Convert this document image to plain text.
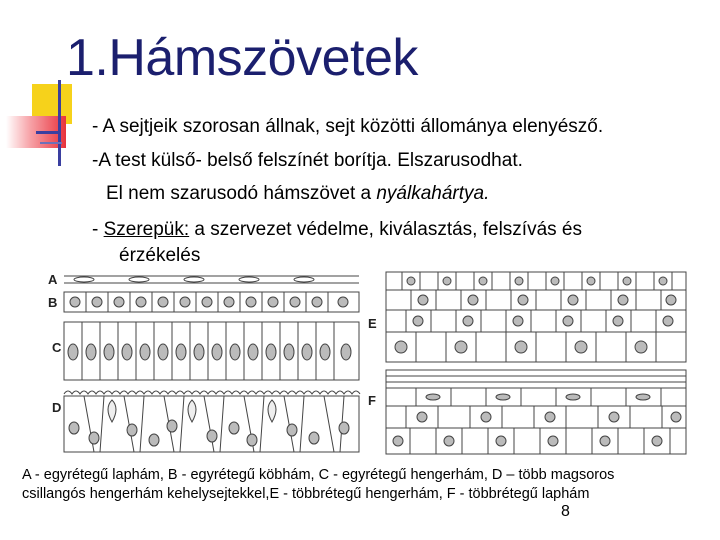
1.Hámszövetek
- A sejtjeik szorosan állnak, sejt közötti állománya elenyésző.
-A test külső- belső felszínét borítja. Elszarusodhat.
El nem szarusodó hámszövet a nyálkahártya.
- Szerepük: a szervezet védelme, kiválasztás, felszívás és
érzékelés
A
B
C
D
E
F
A - egyrétegű laphám, B - egyrétegű köbhám, C - egyrétegű hengerhám, D – több magsoros
csillangós hengerhám kehelysejtekkel,E - többrétegű hengerhám, F - többrétegű laphám
8
